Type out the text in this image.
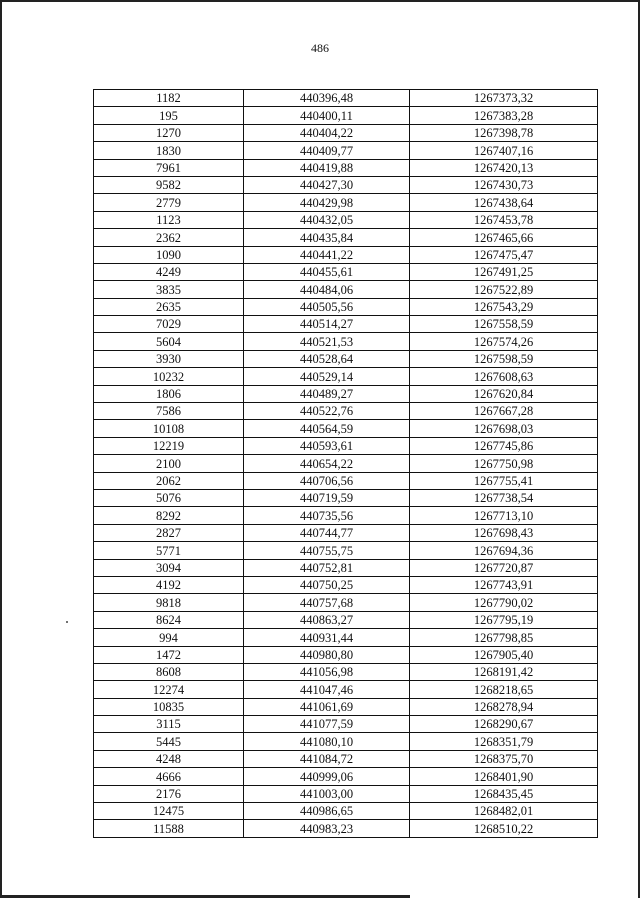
486
1182	440396,48	1267373,32
195	440400,11	1267383,28
1270	440404,22	1267398,78
1830	440409,77	1267407,16
7961	440419,88	1267420,13
9582	440427,30	1267430,73
2779	440429,98	1267438,64
1123	440432,05	1267453,78
2362	440435,84	1267465,66
1090	440441,22	1267475,47
4249	440455,61	1267491,25
3835	440484,06	1267522,89
2635	440505,56	1267543,29
7029	440514,27	1267558,59
5604	440521,53	1267574,26
3930	440528,64	1267598,59
10232	440529,14	1267608,63
1806	440489,27	1267620,84
7586	440522,76	1267667,28
10108	440564,59	1267698,03
12219	440593,61	1267745,86
2100	440654,22	1267750,98
2062	440706,56	1267755,41
5076	440719,59	1267738,54
8292	440735,56	1267713,10
2827	440744,77	1267698,43
5771	440755,75	1267694,36
3094	440752,81	1267720,87
4192	440750,25	1267743,91
9818	440757,68	1267790,02
8624	440863,27	1267795,19
994	440931,44	1267798,85
1472	440980,80	1267905,40
8608	441056,98	1268191,42
12274	441047,46	1268218,65
10835	441061,69	1268278,94
3115	441077,59	1268290,67
5445	441080,10	1268351,79
4248	441084,72	1268375,70
4666	440999,06	1268401,90
2176	441003,00	1268435,45
12475	440986,65	1268482,01
11588	440983,23	1268510,22
